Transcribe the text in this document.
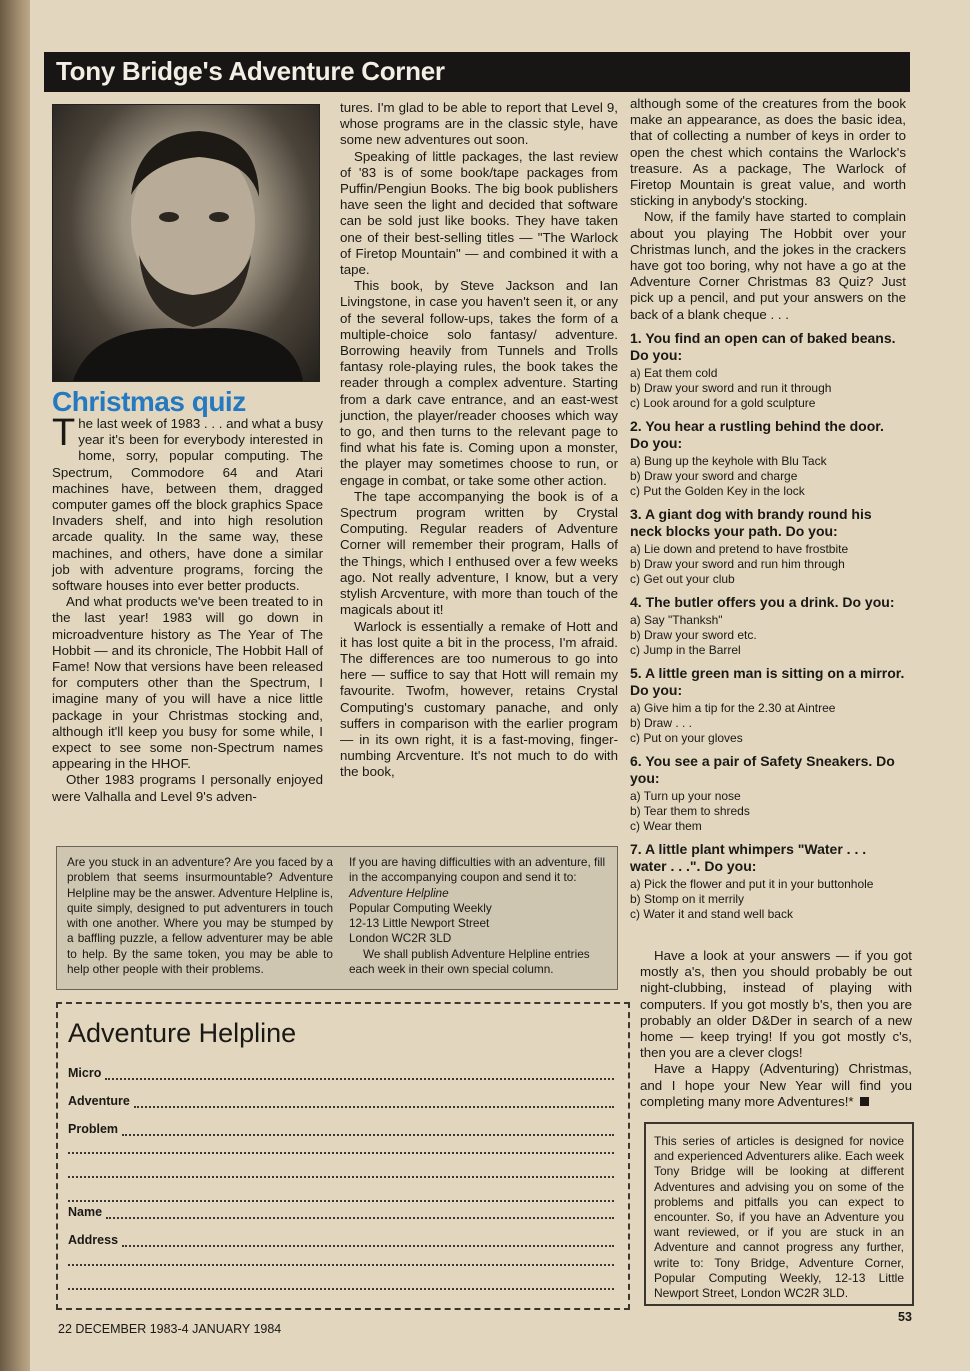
Tony Bridge's Adventure Corner
Christmas quiz

The last week of 1983 . . . and what a busy year it's been for everybody interested in home, sorry, popular computing. The Spectrum, Commodore 64 and Atari machines have, between them, dragged computer games off the block graphics Space Invaders shelf, and into high resolution arcade quality. In the same way, these machines, and others, have done a similar job with adventure programs, forcing the software houses into ever better products.

And what products we've been treated to in the last year! 1983 will go down in microadventure history as The Year of The Hobbit — and its chronicle, The Hobbit Hall of Fame! Now that versions have been released for computers other than the Spectrum, I imagine many of you will have a nice little package in your Christmas stocking and, although it'll keep you busy for some while, I expect to see some non-Spectrum names appearing in the HHOF.

Other 1983 programs I personally enjoyed were Valhalla and Level 9's adven-

tures. I'm glad to be able to report that Level 9, whose programs are in the classic style, have some new adventures out soon.

Speaking of little packages, the last review of '83 is of some book/tape packages from Puffin/Pengiun Books. The big book publishers have seen the light and decided that software can be sold just like books. They have taken one of their best-selling titles — "The Warlock of Firetop Mountain" — and combined it with a tape.

This book, by Steve Jackson and Ian Livingstone, in case you haven't seen it, or any of the several follow-ups, takes the form of a multiple-choice solo fantasy/ adventure. Borrowing heavily from Tunnels and Trolls fantasy role-playing rules, the book takes the reader through a complex adventure. Starting from a dark cave entrance, and an east-west junction, the player/reader chooses which way to go, and then turns to the relevant page to find what his fate is. Coming upon a monster, the player may sometimes choose to run, or engage in combat, or take some other action.

The tape accompanying the book is of a Spectrum program written by Crystal Computing. Regular readers of Adventure Corner will remember their program, Halls of the Things, which I enthused over a few weeks ago. Not really adventure, I know, but a very stylish Arcventure, with more than touch of the magicals about it!

Warlock is essentially a remake of Hott and it has lost quite a bit in the process, I'm afraid. The differences are too numerous to go into here — suffice to say that Hott will remain my favourite. Twofm, however, retains Crystal Computing's customary panache, and only suffers in comparison with the earlier program — in its own right, it is a fast-moving, finger-numbing Arcventure. It's not much to do with the book,

although some of the creatures from the book make an appearance, as does the basic idea, that of collecting a number of keys in order to open the chest which contains the Warlock's treasure. As a package, The Warlock of Firetop Mountain is great value, and worth sticking in anybody's stocking.

Now, if the family have started to complain about you playing The Hobbit over your Christmas lunch, and the jokes in the crackers have got too boring, why not have a go at the Adventure Corner Christmas 83 Quiz? Just pick up a pencil, and put your answers on the back of a blank cheque . . .

1. You find an open can of baked beans. Do you:
a) Eat them cold
b) Draw your sword and run it through
c) Look around for a gold sculpture
2. You hear a rustling behind the door. Do you:
a) Bung up the keyhole with Blu Tack
b) Draw your sword and charge
c) Put the Golden Key in the lock
3. A giant dog with brandy round his neck blocks your path. Do you:
a) Lie down and pretend to have frostbite
b) Draw your sword and run him through
c) Get out your club
4. The butler offers you a drink. Do you:
a) Say "Thanksh"
b) Draw your sword etc.
c) Jump in the Barrel
5. A little green man is sitting on a mirror. Do you:
a) Give him a tip for the 2.30 at Aintree
b) Draw . . .
c) Put on your gloves
6. You see a pair of Safety Sneakers. Do you:
a) Turn up your nose
b) Tear them to shreds
c) Wear them
7. A little plant whimpers "Water . . . water . . .". Do you:
a) Pick the flower and put it in your buttonhole
b) Stomp on it merrily
c) Water it and stand well back

Have a look at your answers — if you got mostly a's, then you should probably be out night-clubbing, instead of playing with computers. If you got mostly b's, then you are probably an older D&Der in search of a new home — keep trying! If you got mostly c's, then you are a clever clogs!

Have a Happy (Adventuring) Christmas, and I hope your New Year will find you completing many more Adventures!*

Are you stuck in an adventure? Are you faced by a problem that seems insurmountable? Adventure Helpline may be the answer. Adventure Helpline is, quite simply, designed to put adventurers in touch with one another. Where you may be stumped by a baffling puzzle, a fellow adventurer may be able to help. By the same token, you may be able to help other people with their problems.
If you are having difficulties with an adventure, fill in the accompanying coupon and send it to:
Adventure Helpline
Popular Computing Weekly
12-13 Little Newport Street
London WC2R 3LD
We shall publish Adventure Helpline entries each week in their own special column.
Adventure Helpline
Micro
Adventure
Problem
Name
Address

This series of articles is designed for novice and experienced Adventurers alike. Each week Tony Bridge will be looking at different Adventures and advising you on some of the problems and pitfalls you can expect to encounter. So, if you have an Adventure you want reviewed, or if you are stuck in an Adventure and cannot progress any further, write to: Tony Bridge, Adventure Corner, Popular Computing Weekly, 12-13 Little Newport Street, London WC2R 3LD.

22 DECEMBER 1983-4 JANUARY 1984
53
